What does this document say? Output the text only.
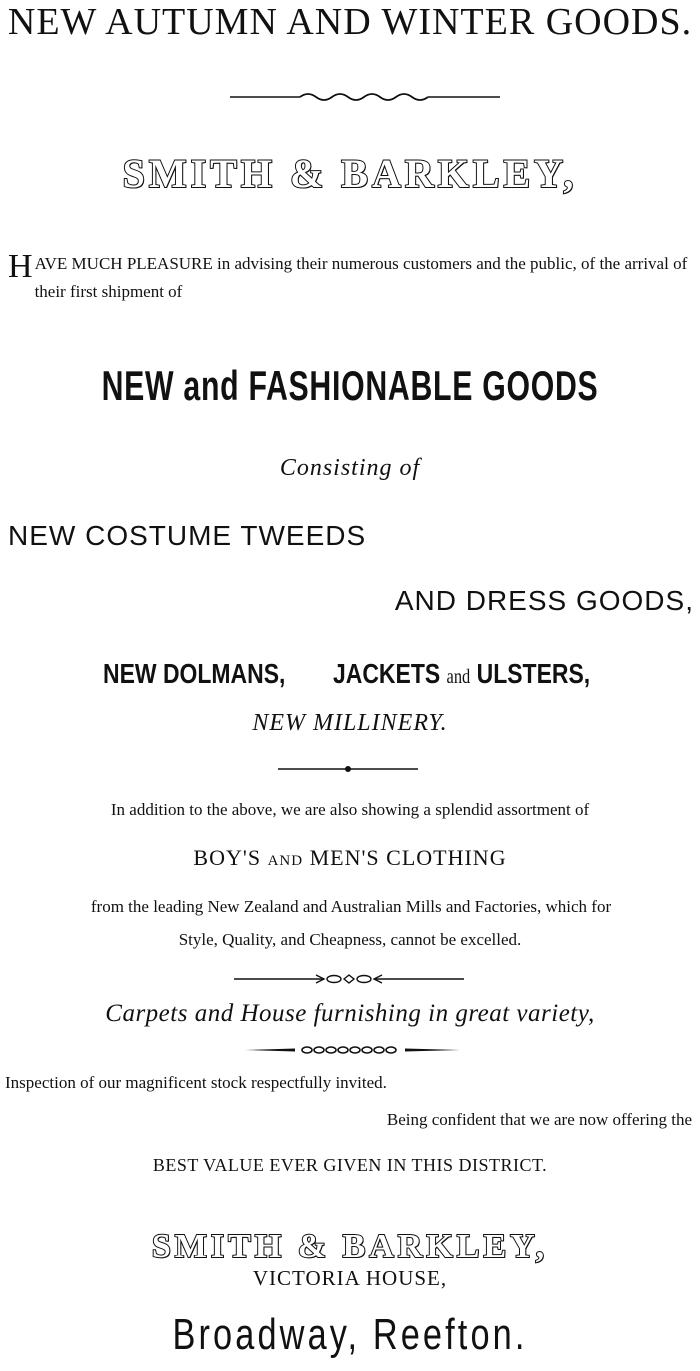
NEW AUTUMN AND WINTER GOODS.
SMITH & BARKLEY,
HAVE MUCH PLEASURE in advising their numerous customers and the public, of the arrival of their first shipment of
NEW and FASHIONABLE GOODS
Consisting of
NEW COSTUME TWEEDS
AND DRESS GOODS,
NEW DOLMANS, JACKETS and ULSTERS,
NEW MILLINERY.
In addition to the above, we are also showing a splendid assortment of
BOY'S AND MEN'S CLOTHING
from the leading New Zealand and Australian Mills and Factories, which for
Style, Quality, and Cheapness, cannot be excelled.
Carpets and House furnishing in great variety,
Inspection of our magnificent stock respectfully invited.
Being confident that we are now offering the
BEST VALUE EVER GIVEN IN THIS DISTRICT.
SMITH & BARKLEY,
VICTORIA HOUSE,
Broadway, Reefton.
